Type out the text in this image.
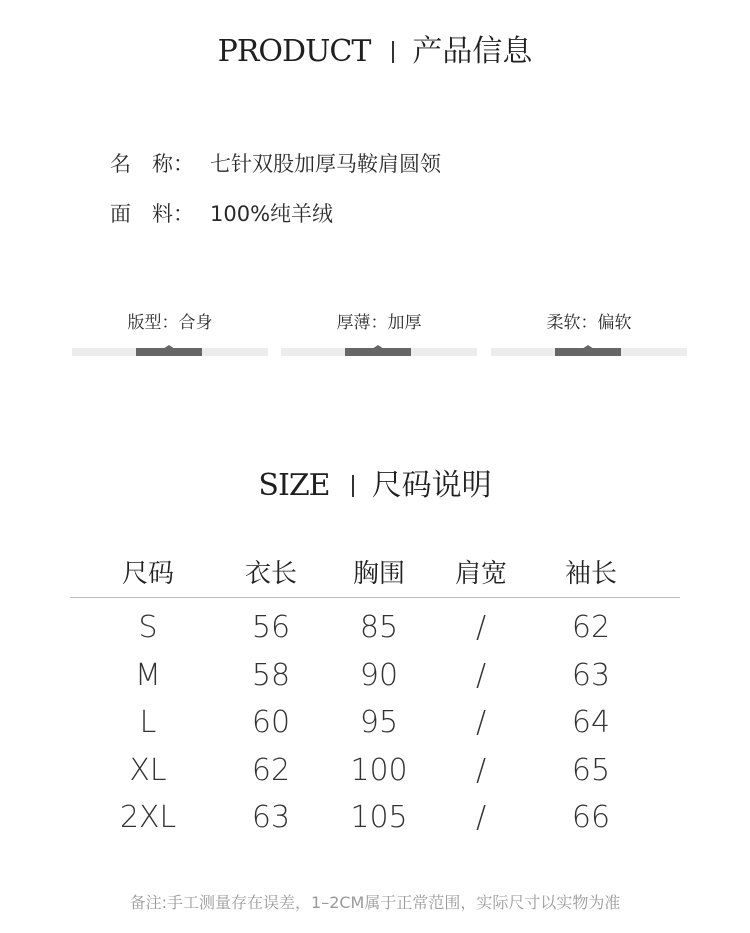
PRODUCT 产品信息
名　称： 七针双股加厚马鞍肩圆领
面　料： 100%纯羊绒
版型：合身	厚薄：加厚	柔软：偏软
SIZE 尺码说明
尺码	衣长	胸围	肩宽	袖长
S	56	85	/	62
M	58	90	/	63
L	60	95	/	64
XL	62	100	/	65
2XL	63	105	/	66
备注:手工测量存在误差，1–2CM属于正常范围，实际尺寸以实物为准
